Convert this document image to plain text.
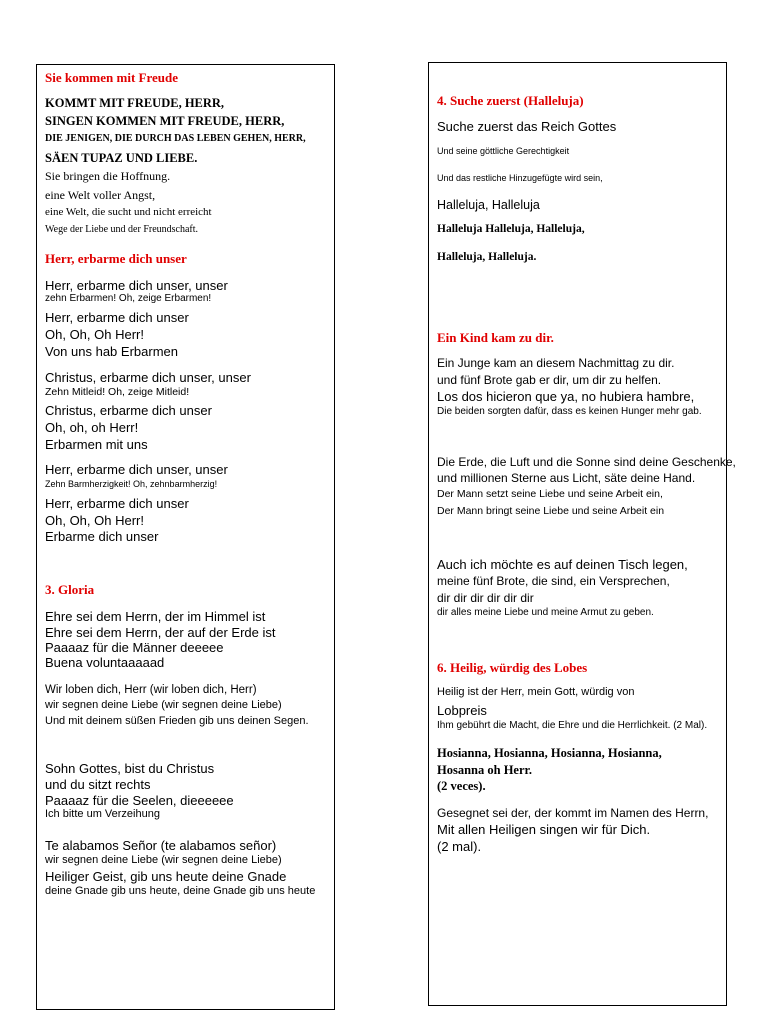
Sie kommen mit Freude
KOMMT MIT FREUDE, HERR,
SINGEN KOMMEN MIT FREUDE, HERR,
DIE JENIGEN, DIE DURCH DAS LEBEN GEHEN, HERR,
SÄEN TUPAZ UND LIEBE.
Sie bringen die Hoffnung.
eine Welt voller Angst,
eine Welt, die sucht und nicht erreicht
Wege der Liebe und der Freundschaft.
Herr, erbarme dich unser
Herr, erbarme dich unser, unser
zehn Erbarmen! Oh, zeige Erbarmen!
Herr, erbarme dich unser
Oh, Oh, Oh Herr!
Von uns hab Erbarmen
Christus, erbarme dich unser, unser
Zehn Mitleid! Oh, zeige Mitleid!
Christus, erbarme dich unser
Oh, oh, oh Herr!
Erbarmen mit uns
Herr, erbarme dich unser, unser
Zehn Barmherzigkeit! Oh, zehnbarmherzig!
Herr, erbarme dich unser
Oh, Oh, Oh Herr!
Erbarme dich unser
3. Gloria
Ehre sei dem Herrn, der im Himmel ist
Ehre sei dem Herrn, der auf der Erde ist
Paaaaz für die Männer deeeee
Buena voluntaaaaad
Wir loben dich, Herr (wir loben dich, Herr)
wir segnen deine Liebe (wir segnen deine Liebe)
Und mit deinem süßen Frieden gib uns deinen Segen.
Sohn Gottes, bist du Christus
und du sitzt rechts
Paaaaz für die Seelen, dieeeeee
Ich bitte um Verzeihung
Te alabamos Señor (te alabamos señor)
wir segnen deine Liebe (wir segnen deine Liebe)
Heiliger Geist, gib uns heute deine Gnade
deine Gnade gib uns heute, deine Gnade gib uns heute
4. Suche zuerst (Halleluja)
Suche zuerst das Reich Gottes
Und seine göttliche Gerechtigkeit
Und das restliche Hinzugefügte wird sein,
Halleluja, Halleluja
Halleluja Halleluja, Halleluja,
Halleluja, Halleluja.
Ein Kind kam zu dir.
Ein Junge kam an diesem Nachmittag zu dir.
und fünf Brote gab er dir, um dir zu helfen.
Los dos hicieron que ya, no hubiera hambre,
Die beiden sorgten dafür, dass es keinen Hunger mehr gab.
Die Erde, die Luft und die Sonne sind deine Geschenke,
und millionen Sterne aus Licht, säte deine Hand.
Der Mann setzt seine Liebe und seine Arbeit ein,
Der Mann bringt seine Liebe und seine Arbeit ein
Auch ich möchte es auf deinen Tisch legen,
meine fünf Brote, die sind, ein Versprechen,
dir dir dir dir dir dir
dir alles meine Liebe und meine Armut zu geben.
6. Heilig, würdig des Lobes
Heilig ist der Herr, mein Gott, würdig von
Lobpreis
Ihm gebührt die Macht, die Ehre und die Herrlichkeit. (2 Mal).
Hosianna, Hosianna, Hosianna, Hosianna,
Hosanna oh Herr.
(2 veces).
Gesegnet sei der, der kommt im Namen des Herrn,
Mit allen Heiligen singen wir für Dich.
(2 mal).
